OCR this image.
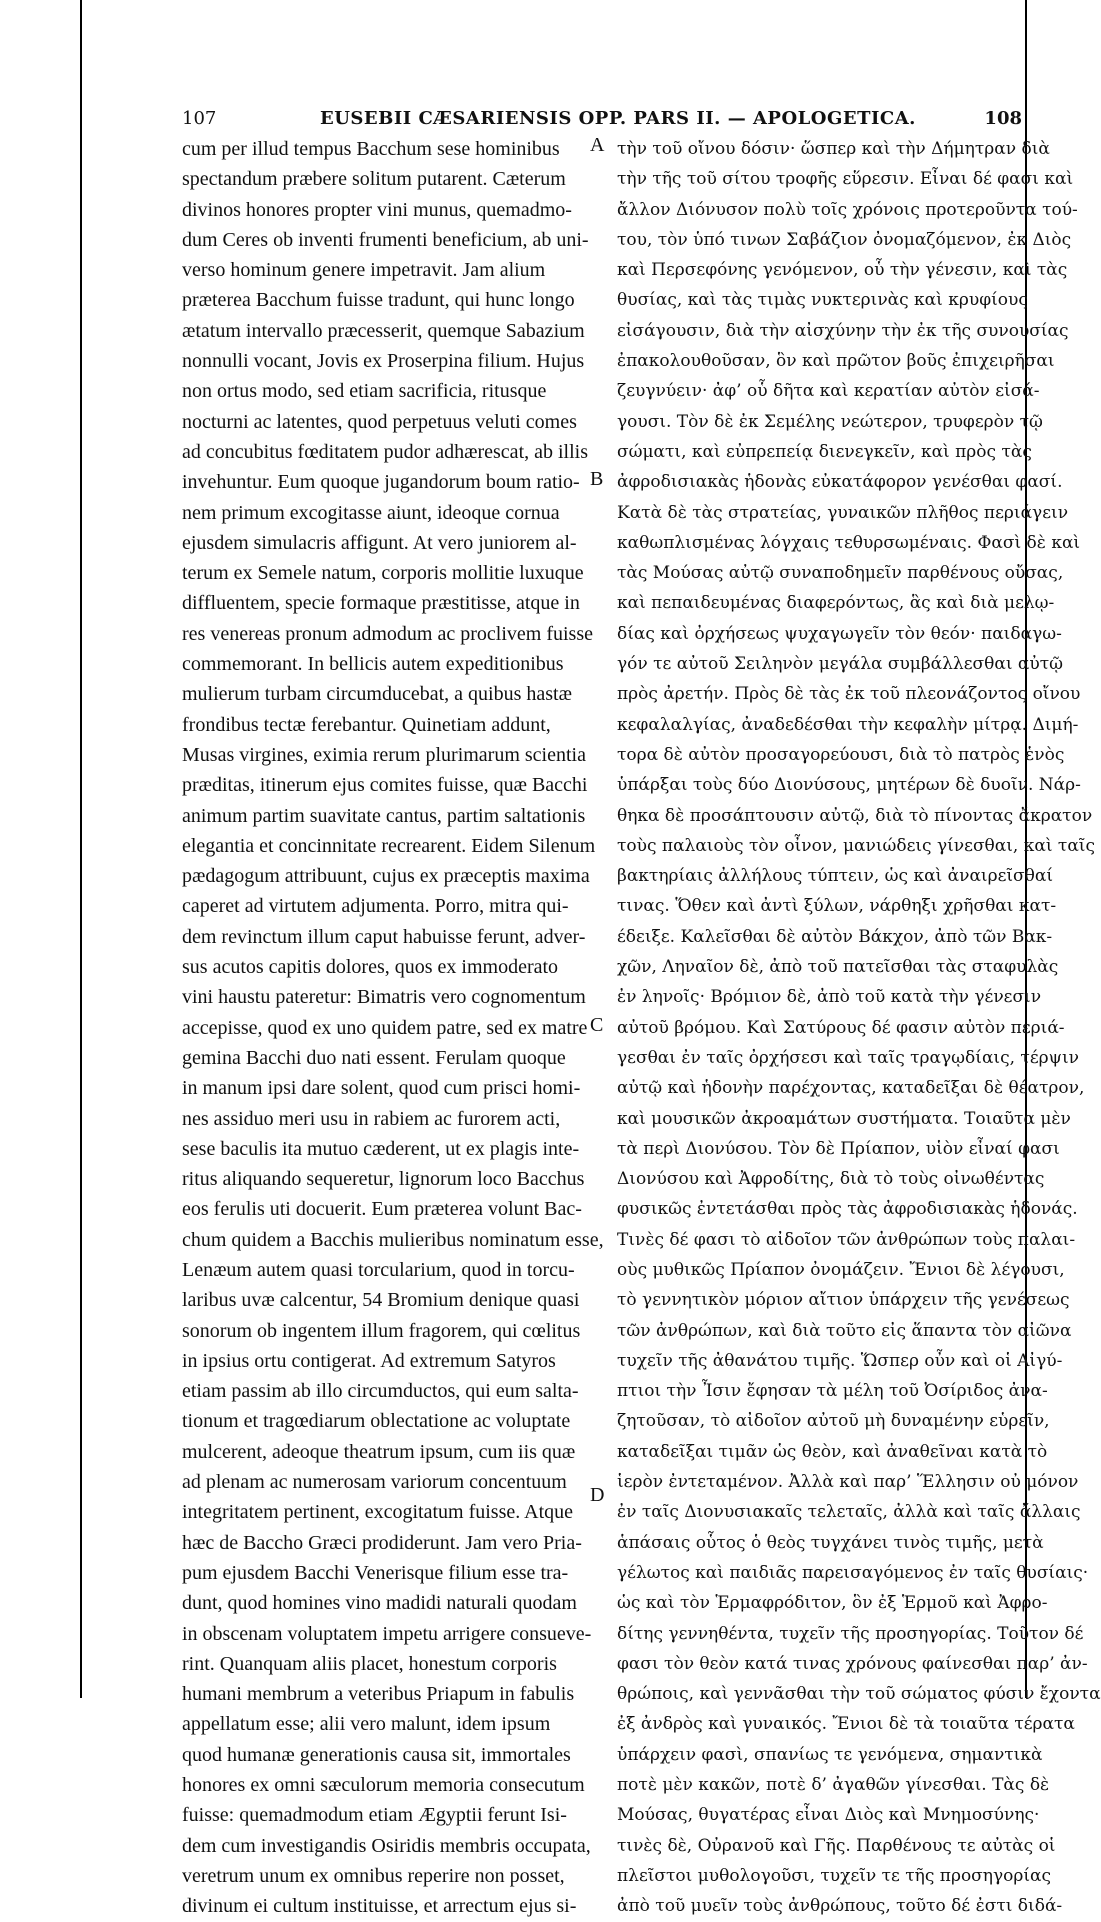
107	EUSEBII CÆSARIENSIS OPP. PARS II. — APOLOGETICA.	108
cum per illud tempus Bacchum sese hominibus
spectandum præbere solitum putarent. Cæterum
divinos honores propter vini munus, quemadmo-
dum Ceres ob inventi frumenti beneficium, ab uni-
verso hominum genere impetravit. Jam alium
præterea Bacchum fuisse tradunt, qui hunc longo
ætatum intervallo præcesserit, quemque Sabazium
nonnulli vocant, Jovis ex Proserpina filium. Hujus
non ortus modo, sed etiam sacrificia, ritusque
nocturni ac latentes, quod perpetuus veluti comes
ad concubitus fœditatem pudor adhærescat, ab illis
invehuntur. Eum quoque jugandorum boum ratio-
nem primum excogitasse aiunt, ideoque cornua
ejusdem simulacris affigunt. At vero juniorem al-
terum ex Semele natum, corporis mollitie luxuque
diffluentem, specie formaque præstitisse, atque in
res venereas pronum admodum ac proclivem fuisse
commemorant. In bellicis autem expeditionibus
mulierum turbam circumducebat, a quibus hastæ
frondibus tectæ ferebantur. Quinetiam addunt,
Musas virgines, eximia rerum plurimarum scientia
præditas, itinerum ejus comites fuisse, quæ Bacchi
animum partim suavitate cantus, partim saltationis
elegantia et concinnitate recrearent. Eidem Silenum
pædagogum attribuunt, cujus ex præceptis maxima
caperet ad virtutem adjumenta. Porro, mitra qui-
dem revinctum illum caput habuisse ferunt, adver-
sus acutos capitis dolores, quos ex immoderato
vini haustu pateretur: Bimatris vero cognomentum
accepisse, quod ex uno quidem patre, sed ex matre
gemina Bacchi duo nati essent. Ferulam quoque
in manum ipsi dare solent, quod cum prisci homi-
nes assiduo meri usu in rabiem ac furorem acti,
sese baculis ita mutuo cæderent, ut ex plagis inte-
ritus aliquando sequeretur, lignorum loco Bacchus
eos ferulis uti docuerit. Eum præterea volunt Bac-
chum quidem a Bacchis mulieribus nominatum esse,
Lenæum autem quasi torcularium, quod in torcu-
laribus uvæ calcentur, 54 Bromium denique quasi
sonorum ob ingentem illum fragorem, qui cœlitus
in ipsius ortu contigerat. Ad extremum Satyros
etiam passim ab illo circumductos, qui eum salta-
tionum et tragœdiarum oblectatione ac voluptate
mulcerent, adeoque theatrum ipsum, cum iis quæ
ad plenam ac numerosam variorum concentuum
integritatem pertinent, excogitatum fuisse. Atque
hæc de Baccho Græci prodiderunt. Jam vero Pria-
pum ejusdem Bacchi Venerisque filium esse tra-
dunt, quod homines vino madidi naturali quodam
in obscenam voluptatem impetu arrigere consueve-
rint. Quanquam aliis placet, honestum corporis
humani membrum a veteribus Priapum in fabulis
appellatum esse; alii vero malunt, idem ipsum
quod humanæ generationis causa sit, immortales
honores ex omni sæculorum memoria consecutum
fuisse: quemadmodum etiam Ægyptii ferunt Isi-
dem cum investigandis Osiridis membris occupata,
veretrum unum ex omnibus reperire non posset,
divinum ei cultum instituisse, et arrectum ejus si-
τὴν τοῦ οἴνου δόσιν· ὥσπερ καὶ τὴν Δήμητραν διὰ
τὴν τῆς τοῦ σίτου τροφῆς εὕρεσιν. Εἶναι δέ φασι καὶ
ἄλλον Διόνυσον πολὺ τοῖς χρόνοις προτεροῦντα τού-
του, τὸν ὑπό τινων Σαβάζιον ὀνομαζόμενον, ἐκ Διὸς
καὶ Περσεφόνης γενόμενον, οὗ τὴν γένεσιν, καὶ τὰς
θυσίας, καὶ τὰς τιμὰς νυκτερινὰς καὶ κρυφίους
εἰσάγουσιν, διὰ τὴν αἰσχύνην τὴν ἐκ τῆς συνουσίας
ἐπακολουθοῦσαν, ὃν καὶ πρῶτον βοῦς ἐπιχειρῆσαι
ζευγνύειν· ἀφ’ οὗ δῆτα καὶ κερατίαν αὐτὸν εἰσά-
γουσι. Τὸν δὲ ἐκ Σεμέλης νεώτερον, τρυφερὸν τῷ
σώματι, καὶ εὐπρεπείᾳ διενεγκεῖν, καὶ πρὸς τὰς
ἀφροδισιακὰς ἡδονὰς εὐκατάφορον γενέσθαι φασί.
Κατὰ δὲ τὰς στρατείας, γυναικῶν πλῆθος περιάγειν
καθωπλισμένας λόγχαις τεθυρσωμέναις. Φασὶ δὲ καὶ
τὰς Μούσας αὐτῷ συναποδημεῖν παρθένους οὔσας,
καὶ πεπαιδευμένας διαφερόντως, ἃς καὶ διὰ μελῳ-
δίας καὶ ὀρχήσεως ψυχαγωγεῖν τὸν θεόν· παιδαγω-
γόν τε αὐτοῦ Σειληνὸν μεγάλα συμβάλλεσθαι αὐτῷ
πρὸς ἀρετήν. Πρὸς δὲ τὰς ἐκ τοῦ πλεονάζοντος οἴνου
κεφαλαλγίας, ἀναδεδέσθαι τὴν κεφαλὴν μίτρᾳ. Διμή-
τορα δὲ αὐτὸν προσαγορεύουσι, διὰ τὸ πατρὸς ἑνὸς
ὑπάρξαι τοὺς δύο Διονύσους, μητέρων δὲ δυοῖν. Νάρ-
θηκα δὲ προσάπτουσιν αὐτῷ, διὰ τὸ πίνοντας ἄκρατον
τοὺς παλαιοὺς τὸν οἶνον, μανιώδεις γίνεσθαι, καὶ ταῖς
βακτηρίαις ἀλλήλους τύπτειν, ὡς καὶ ἀναιρεῖσθαί
τινας. Ὅθεν καὶ ἀντὶ ξύλων, νάρθηξι χρῆσθαι κατ-
έδειξε. Καλεῖσθαι δὲ αὐτὸν Βάκχον, ἀπὸ τῶν Βακ-
χῶν, Ληναῖον δὲ, ἀπὸ τοῦ πατεῖσθαι τὰς σταφυλὰς
ἐν ληνοῖς· Βρόμιον δὲ, ἀπὸ τοῦ κατὰ τὴν γένεσιν
αὐτοῦ βρόμου. Καὶ Σατύρους δέ φασιν αὐτὸν περιά-
γεσθαι ἐν ταῖς ὀρχήσεσι καὶ ταῖς τραγῳδίαις, τέρψιν
αὐτῷ καὶ ἡδονὴν παρέχοντας, καταδεῖξαι δὲ θέατρον,
καὶ μουσικῶν ἀκροαμάτων συστήματα. Τοιαῦτα μὲν
τὰ περὶ Διονύσου. Τὸν δὲ Πρίαπον, υἱὸν εἶναί φασι
Διονύσου καὶ Ἀφροδίτης, διὰ τὸ τοὺς οἰνωθέντας
φυσικῶς ἐντετάσθαι πρὸς τὰς ἀφροδισιακὰς ἡδονάς.
Τινὲς δέ φασι τὸ αἰδοῖον τῶν ἀνθρώπων τοὺς παλαι-
οὺς μυθικῶς Πρίαπον ὀνομάζειν. Ἔνιοι δὲ λέγουσι,
τὸ γεννητικὸν μόριον αἴτιον ὑπάρχειν τῆς γενέσεως
τῶν ἀνθρώπων, καὶ διὰ τοῦτο εἰς ἅπαντα τὸν αἰῶνα
τυχεῖν τῆς ἀθανάτου τιμῆς. Ὥσπερ οὖν καὶ οἱ Αἰγύ-
πτιοι τὴν Ἶσιν ἔφησαν τὰ μέλη τοῦ Ὀσίριδος ἀνα-
ζητοῦσαν, τὸ αἰδοῖον αὐτοῦ μὴ δυναμένην εὑρεῖν,
καταδεῖξαι τιμᾶν ὡς θεὸν, καὶ ἀναθεῖναι κατὰ τὸ
ἱερὸν ἐντεταμένον. Ἀλλὰ καὶ παρ’ Ἕλλησιν οὐ μόνον
ἐν ταῖς Διονυσιακαῖς τελεταῖς, ἀλλὰ καὶ ταῖς ἄλλαις
ἁπάσαις οὗτος ὁ θεὸς τυγχάνει τινὸς τιμῆς, μετὰ
γέλωτος καὶ παιδιᾶς παρεισαγόμενος ἐν ταῖς θυσίαις·
ὡς καὶ τὸν Ἑρμαφρόδιτον, ὃν ἐξ Ἑρμοῦ καὶ Ἀφρο-
δίτης γεννηθέντα, τυχεῖν τῆς προσηγορίας. Τοῦτον δέ
φασι τὸν θεὸν κατά τινας χρόνους φαίνεσθαι παρ’ ἀν-
θρώποις, καὶ γεννᾶσθαι τὴν τοῦ σώματος φύσιν ἔχοντα
ἐξ ἀνδρὸς καὶ γυναικός. Ἔνιοι δὲ τὰ τοιαῦτα τέρατα
ὑπάρχειν φασὶ, σπανίως τε γενόμενα, σημαντικὰ
ποτὲ μὲν κακῶν, ποτὲ δ’ ἀγαθῶν γίνεσθαι. Τὰς δὲ
Μούσας, θυγατέρας εἶναι Διὸς καὶ Μνημοσύνης·
τινὲς δὲ, Οὐρανοῦ καὶ Γῆς. Παρθένους τε αὐτὰς οἱ
πλεῖστοι μυθολογοῦσι, τυχεῖν τε τῆς προσηγορίας
ἀπὸ τοῦ μυεῖν τοὺς ἀνθρώπους, τοῦτο δέ ἐστι διδά-
A
B
C
D
